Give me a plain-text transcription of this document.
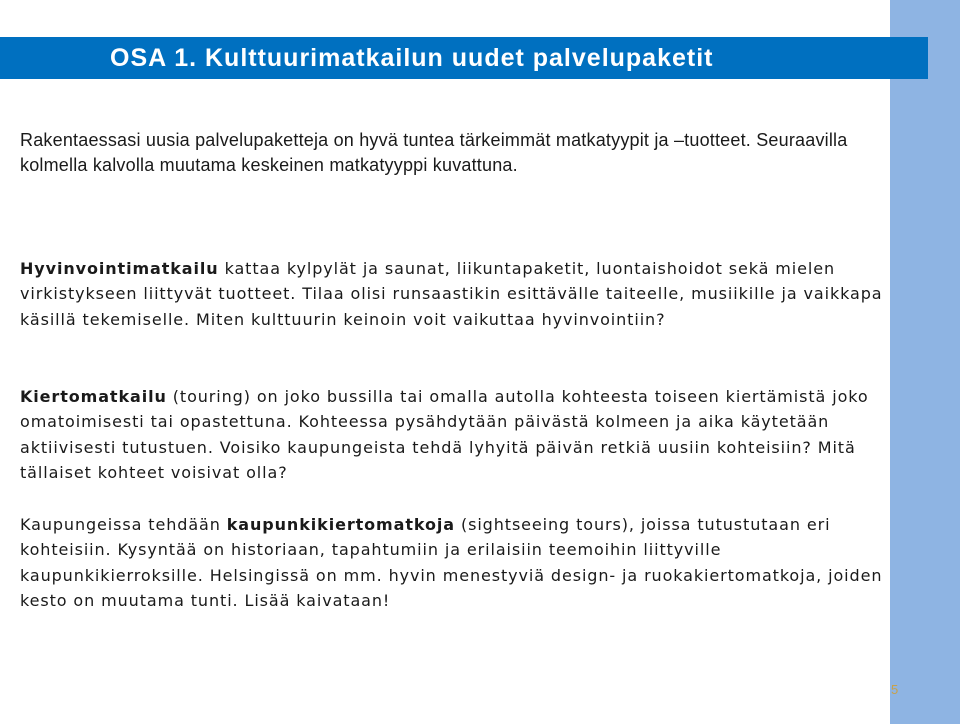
OSA 1. Kulttuurimatkailun uudet palvelupaketit

Rakentaessasi uusia palvelupaketteja on hyvä tuntea tärkeimmät matkatyypit ja –tuotteet. Seuraavilla kolmella kalvolla muutama keskeinen matkatyyppi kuvattuna.

Hyvinvointimatkailu kattaa kylpylät ja saunat, liikuntapaketit, luontaishoidot sekä mielen virkistykseen liittyvät tuotteet. Tilaa olisi runsaastikin esittävälle taiteelle, musiikille ja vaikkapa käsillä tekemiselle. Miten kulttuurin keinoin voit vaikuttaa hyvinvointiin?

Kiertomatkailu (touring) on joko bussilla tai omalla autolla kohteesta toiseen kiertämistä joko omatoimisesti tai opastettuna. Kohteessa pysähdytään päivästä kolmeen ja aika käytetään aktiivisesti tutustuen. Voisiko kaupungeista tehdä lyhyitä päivän retkiä uusiin kohteisiin? Mitä tällaiset kohteet voisivat olla?

Kaupungeissa tehdään kaupunkikiertomatkoja (sightseeing tours), joissa tutustutaan eri kohteisiin. Kysyntää on historiaan, tapahtumiin ja erilaisiin teemoihin liittyville kaupunkikierroksille. Helsingissä on mm. hyvin menestyviä design- ja ruokakiertomatkoja, joiden kesto on muutama tunti. Lisää kaivataan!

5
